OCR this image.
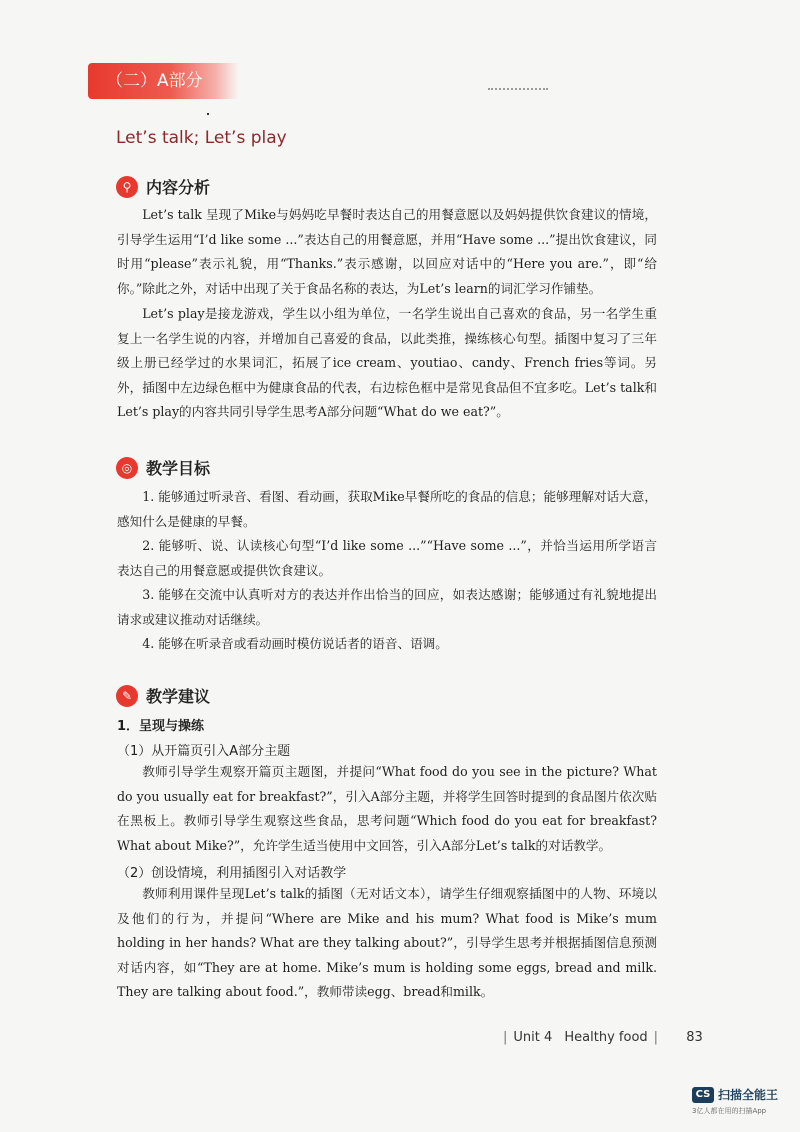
（二）A部分
Let’s talk; Let’s play
⚲ 内容分析
Let’s talk 呈现了Mike与妈妈吃早餐时表达自己的用餐意愿以及妈妈提供饮食建议的情境，引导学生运用“I’d like some ...”表达自己的用餐意愿，并用“Have some ...”提出饮食建议，同时用“please”表示礼貌，用“Thanks.”表示感谢，以回应对话中的“Here you are.”，即“给你。”除此之外，对话中出现了关于食品名称的表达，为Let’s learn的词汇学习作铺垫。
Let’s play是接龙游戏，学生以小组为单位，一名学生说出自己喜欢的食品，另一名学生重复上一名学生说的内容，并增加自己喜爱的食品，以此类推，操练核心句型。插图中复习了三年级上册已经学过的水果词汇，拓展了ice cream、youtiao、candy、French fries等词。另外，插图中左边绿色框中为健康食品的代表，右边棕色框中是常见食品但不宜多吃。Let’s talk和Let’s play的内容共同引导学生思考A部分问题“What do we eat?”。
◎ 教学目标
1. 能够通过听录音、看图、看动画，获取Mike早餐所吃的食品的信息；能够理解对话大意，感知什么是健康的早餐。
2. 能够听、说、认读核心句型“I’d like some ...”“Have some ...”，并恰当运用所学语言表达自己的用餐意愿或提供饮食建议。
3. 能够在交流中认真听对方的表达并作出恰当的回应，如表达感谢；能够通过有礼貌地提出请求或建议推动对话继续。
4. 能够在听录音或看动画时模仿说话者的语音、语调。
✎ 教学建议
1．呈现与操练
（1）从开篇页引入A部分主题
教师引导学生观察开篇页主题图，并提问“What food do you see in the picture? What do you usually eat for breakfast?”，引入A部分主题，并将学生回答时提到的食品图片依次贴在黑板上。教师引导学生观察这些食品，思考问题“Which food do you eat for breakfast? What about Mike?”，允许学生适当使用中文回答，引入A部分Let’s talk的对话教学。
（2）创设情境，利用插图引入对话教学
教师利用课件呈现Let’s talk的插图（无对话文本），请学生仔细观察插图中的人物、环境以及他们的行为，并提问“Where are Mike and his mum? What food is Mike’s mum holding in her hands? What are they talking about?”，引导学生思考并根据插图信息预测对话内容，如“They are at home. Mike’s mum is holding some eggs, bread and milk. They are talking about food.”，教师带读egg、bread和milk。
| Unit 4 Healthy food | 83
CS 扫描全能王
3亿人都在用的扫描App
